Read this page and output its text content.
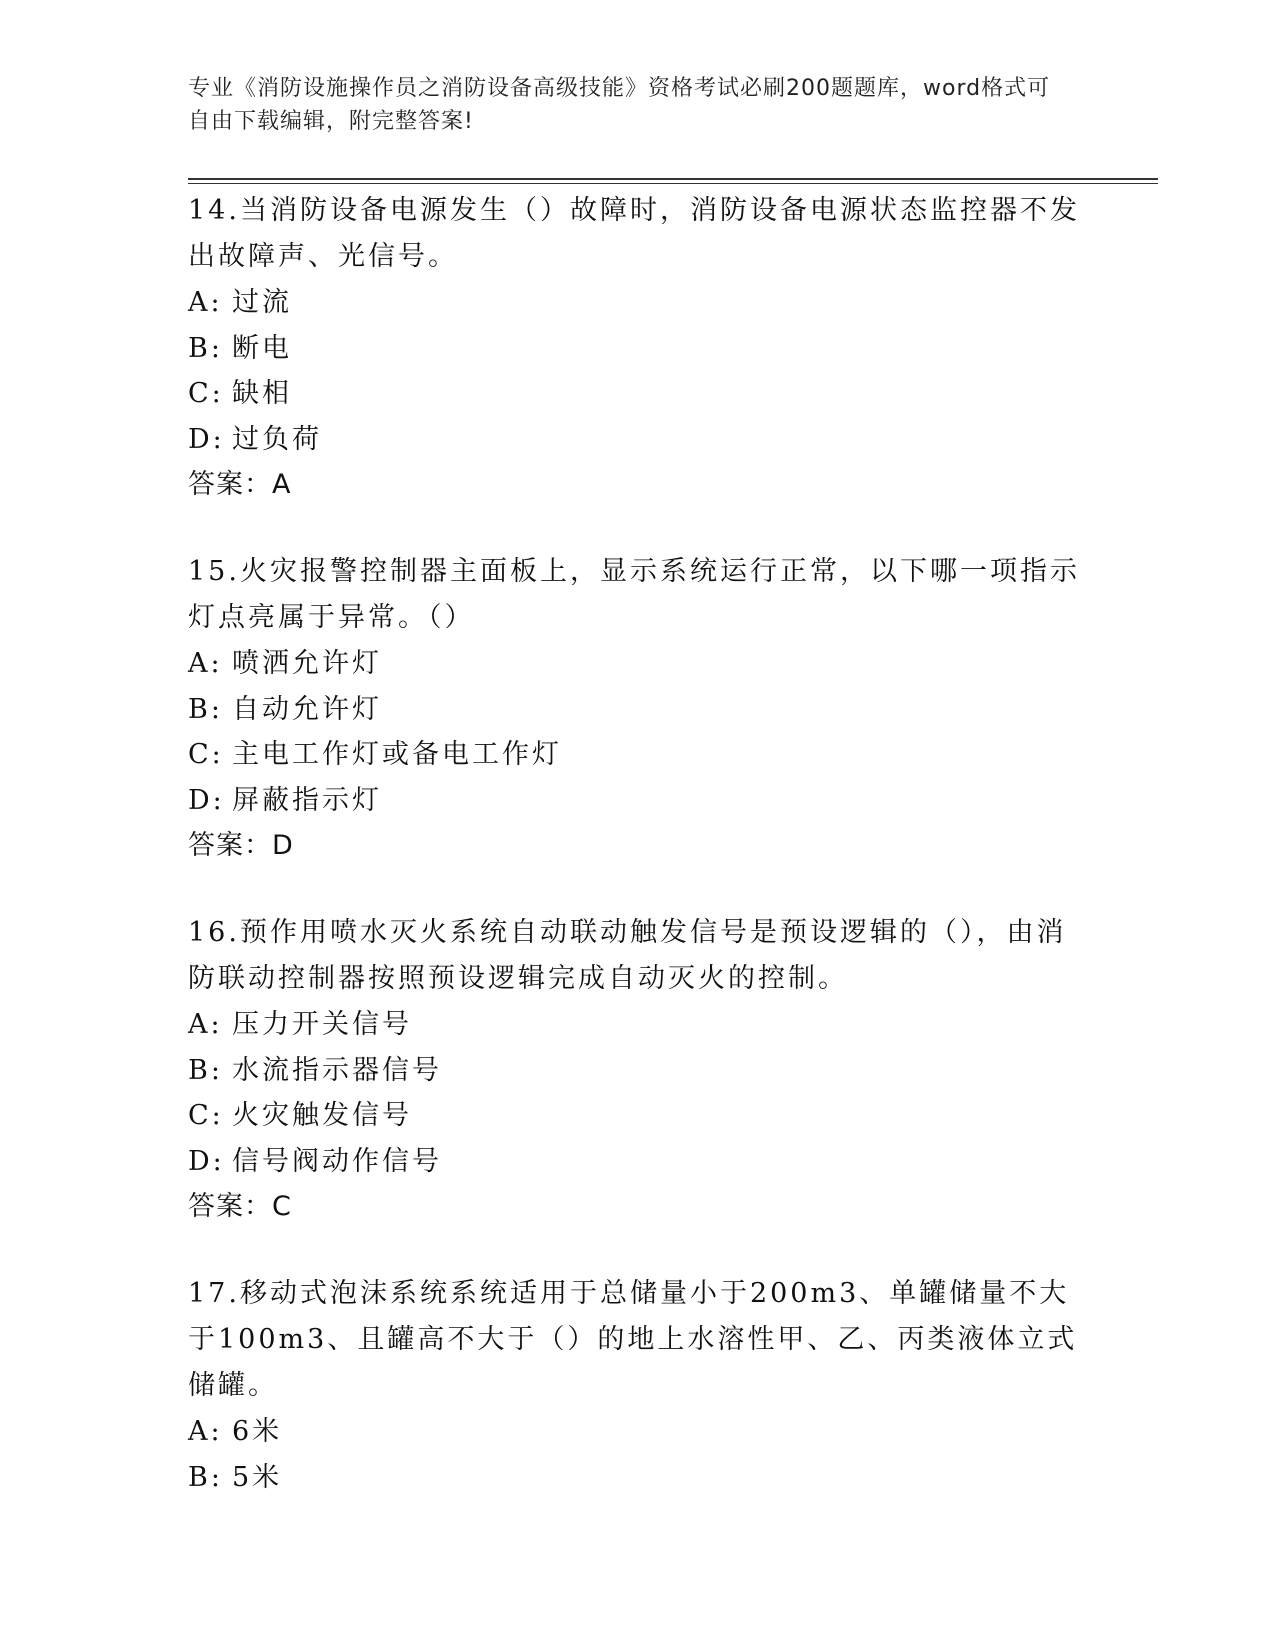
专业《消防设施操作员之消防设备高级技能》资格考试必刷200题题库，word格式可自由下载编辑，附完整答案!

14.当消防设备电源发生（）故障时，消防设备电源状态监控器不发出故障声、光信号。

A: 过流
B: 断电
C: 缺相
D: 过负荷
答案：A

15.火灾报警控制器主面板上，显示系统运行正常，以下哪一项指示灯点亮属于异常。（）

A: 喷洒允许灯
B: 自动允许灯
C: 主电工作灯或备电工作灯
D: 屏蔽指示灯
答案：D

16.预作用喷水灭火系统自动联动触发信号是预设逻辑的（），由消防联动控制器按照预设逻辑完成自动灭火的控制。

A: 压力开关信号
B: 水流指示器信号
C: 火灾触发信号
D: 信号阀动作信号
答案：C

17.移动式泡沫系统系统适用于总储量小于200m3、单罐储量不大于100m3、且罐高不大于（）的地上水溶性甲、乙、丙类液体立式储罐。

A: 6米
B: 5米
